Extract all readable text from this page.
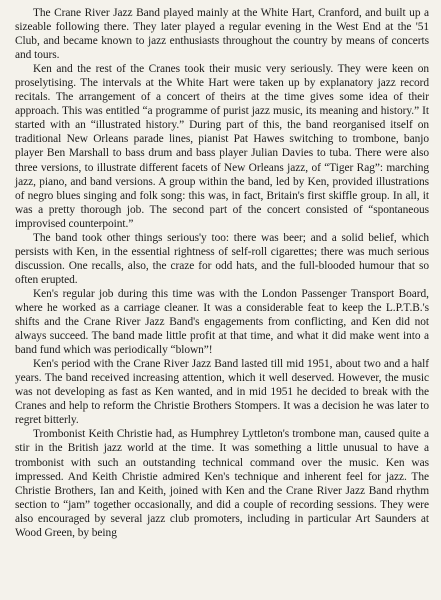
The Crane River Jazz Band played mainly at the White Hart, Cranford, and built up a sizeable following there. They later played a regular evening in the West End at the '51 Club, and became known to jazz enthusiasts throughout the country by means of concerts and tours.

Ken and the rest of the Cranes took their music very seriously. They were keen on proselytising. The intervals at the White Hart were taken up by explanatory jazz record recitals. The arrangement of a concert of theirs at the time gives some idea of their approach. This was entitled “a programme of purist jazz music, its meaning and history.” It started with an “illustrated history.” During part of this, the band reorganised itself on traditional New Orleans parade lines, pianist Pat Hawes switching to trombone, banjo player Ben Marshall to bass drum and bass player Julian Davies to tuba. There were also three versions, to illustrate different facets of New Orleans jazz, of “Tiger Rag”: marching jazz, piano, and band versions. A group within the band, led by Ken, provided illustrations of negro blues singing and folk song: this was, in fact, Britain's first skiffle group. In all, it was a pretty thorough job. The second part of the concert consisted of “spontaneous improvised counterpoint.”

The band took other things serious'y too: there was beer; and a solid belief, which persists with Ken, in the essential rightness of self-roll cigarettes; there was much serious discussion. One recalls, also, the craze for odd hats, and the full-blooded humour that so often erupted.

Ken's regular job during this time was with the London Passenger Transport Board, where he worked as a carriage cleaner. It was a considerable feat to keep the L.P.T.B.'s shifts and the Crane River Jazz Band's engagements from conflicting, and Ken did not always succeed. The band made little profit at that time, and what it did make went into a band fund which was periodically “blown”!

Ken's period with the Crane River Jazz Band lasted till mid 1951, about two and a half years. The band received increasing attention, which it well deserved. However, the music was not developing as fast as Ken wanted, and in mid 1951 he decided to break with the Cranes and help to reform the Christie Brothers Stompers. It was a decision he was later to regret bitterly.

Trombonist Keith Christie had, as Humphrey Lyttleton's trombone man, caused quite a stir in the British jazz world at the time. It was something a little unusual to have a trombonist with such an outstanding technical command over the music. Ken was impressed. And Keith Christie admired Ken's technique and inherent feel for jazz. The Christie Brothers, Ian and Keith, joined with Ken and the Crane River Jazz Band rhythm section to “jam” together occasionally, and did a couple of recording sessions. They were also encouraged by several jazz club promoters, including in particular Art Saunders at Wood Green, by being
